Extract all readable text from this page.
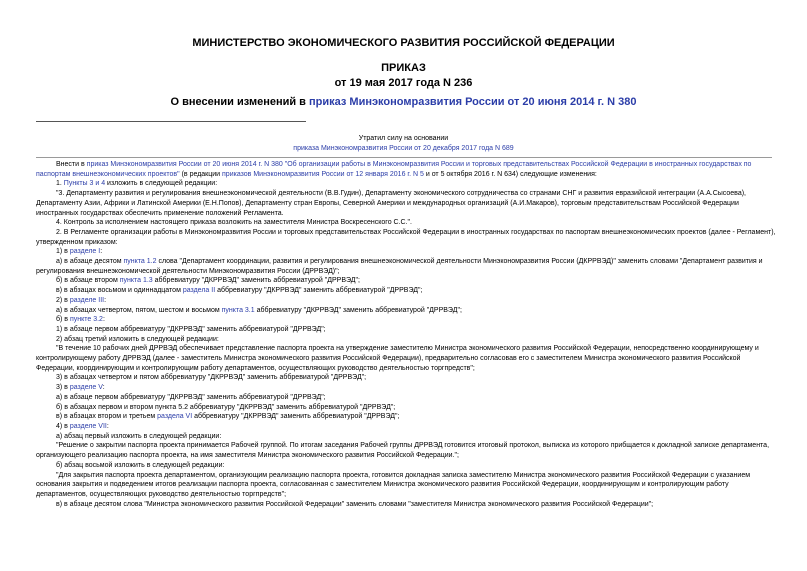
МИНИСТЕРСТВО ЭКОНОМИЧЕСКОГО РАЗВИТИЯ РОССИЙСКОЙ ФЕДЕРАЦИИ
ПРИКАЗ
от 19 мая 2017 года N 236
О внесении изменений в приказ Минэкономразвития России от 20 июня 2014 г. N 380
Утратил силу на основании
приказа Минэкономразвития России от 20 декабря 2017 года N 689

Внести в приказ Минэкономразвития России от 20 июня 2014 г. N 380 "Об организации работы в Минэкономразвития России и торговых представительствах Российской Федерации в иностранных государствах по паспортам внешнеэкономических проектов" (в редакции приказов Минэкономразвития России от 12 января 2016 г. N 5 и от 5 октября 2016 г. N 634) следующие изменения:

1. Пункты 3 и 4 изложить в следующей редакции:

"3. Департаменту развития и регулирования внешнеэкономической деятельности (В.В.Гудин), Департаменту экономического сотрудничества со странами СНГ и развития евразийской интеграции (А.А.Сысоева), Департаменту Азии, Африки и Латинской Америки (Е.Н.Попов), Департаменту стран Европы, Северной Америки и международных организаций (А.И.Макаров), торговым представительствам Российской Федерации иностранных государствах обеспечить применение положений Регламента.

4. Контроль за исполнением настоящего приказа возложить на заместителя Министра Воскресенского С.С.".

2. В Регламенте организации работы в Минэкономразвития России и торговых представительствах Российской Федерации в иностранных государствах по паспортам внешнеэкономических проектов (далее - Регламент), утвержденном приказом:

1) в разделе I:

а) в абзаце десятом пункта 1.2 слова "Департамент координации, развития и регулирования внешнеэкономической деятельности Минэкономразвития России (ДКРРВЭД)" заменить словами "Департамент развития и регулирования внешнеэкономической деятельности Минэкономразвития России (ДРРВЭД)";

б) в абзаце втором пункта 1.3 аббревиатуру "ДКРРВЭД" заменить аббревиатурой "ДРРВЭД";

в) в абзацах восьмом и одиннадцатом раздела II аббревиатуру "ДКРРВЭД" заменить аббревиатурой "ДРРВЭД";

2) в разделе III:

а) в абзацах четвертом, пятом, шестом и восьмом пункта 3.1 аббревиатуру "ДКРРВЭД" заменить аббревиатурой "ДРРВЭД";

б) в пункте 3.2:

1) в абзаце первом аббревиатуру "ДКРРВЭД" заменить аббревиатурой "ДРРВЭД";

2) абзац третий изложить в следующей редакции:

"В течение 10 рабочих дней ДРРВЭД обеспечивает представление паспорта проекта на утверждение заместителю Министра экономического развития Российской Федерации, непосредственно координирующему и контролирующему работу ДРРВЭД (далее - заместитель Министра экономического развития Российской Федерации), предварительно согласовав его с заместителем Министра экономического развития Российской Федерации, координирующим и контролирующим работу департаментов, осуществляющих руководство деятельностью торгпредств";

3) в абзацах четвертом и пятом аббревиатуру "ДКРРВЭД" заменить аббревиатурой "ДРРВЭД";

3) в разделе V:

а) в абзаце первом аббревиатуру "ДКРРВЭД" заменить аббревиатурой "ДРРВЭД";

б) в абзацах первом и втором пункта 5.2 аббревиатуру "ДКРРВЭД" заменить аббревиатурой "ДРРВЭД";

в) в абзацах втором и третьем раздела VI аббревиатуру "ДКРРВЭД" заменить аббревиатурой "ДРРВЭД";

4) в разделе VII:

а) абзац первый изложить в следующей редакции:

"Решение о закрытии паспорта проекта принимается Рабочей группой. По итогам заседания Рабочей группы ДРРВЭД готовится итоговый протокол, выписка из которого прибщается к докладной записке департамента, организующего реализацию паспорта проекта, на имя заместителя Министра экономического развития Российской Федерации.";

б) абзац восьмой изложить в следующей редакции:

"Для закрытия паспорта проекта департаментом, организующим реализацию паспорта проекта, готовится докладная записка заместителю Министра экономического развития Российской Федерации с указанием основания закрытия и подведением итогов реализации паспорта проекта, согласованная с заместителем Министра экономического развития Российской Федерации, координирующим и контролирующим работу департаментов, осуществляющих руководство деятельностью торгпредств";

в) в абзаце десятом слова "Министра экономического развития Российской Федерации" заменить словами "заместителя Министра экономического развития Российской Федерации";
